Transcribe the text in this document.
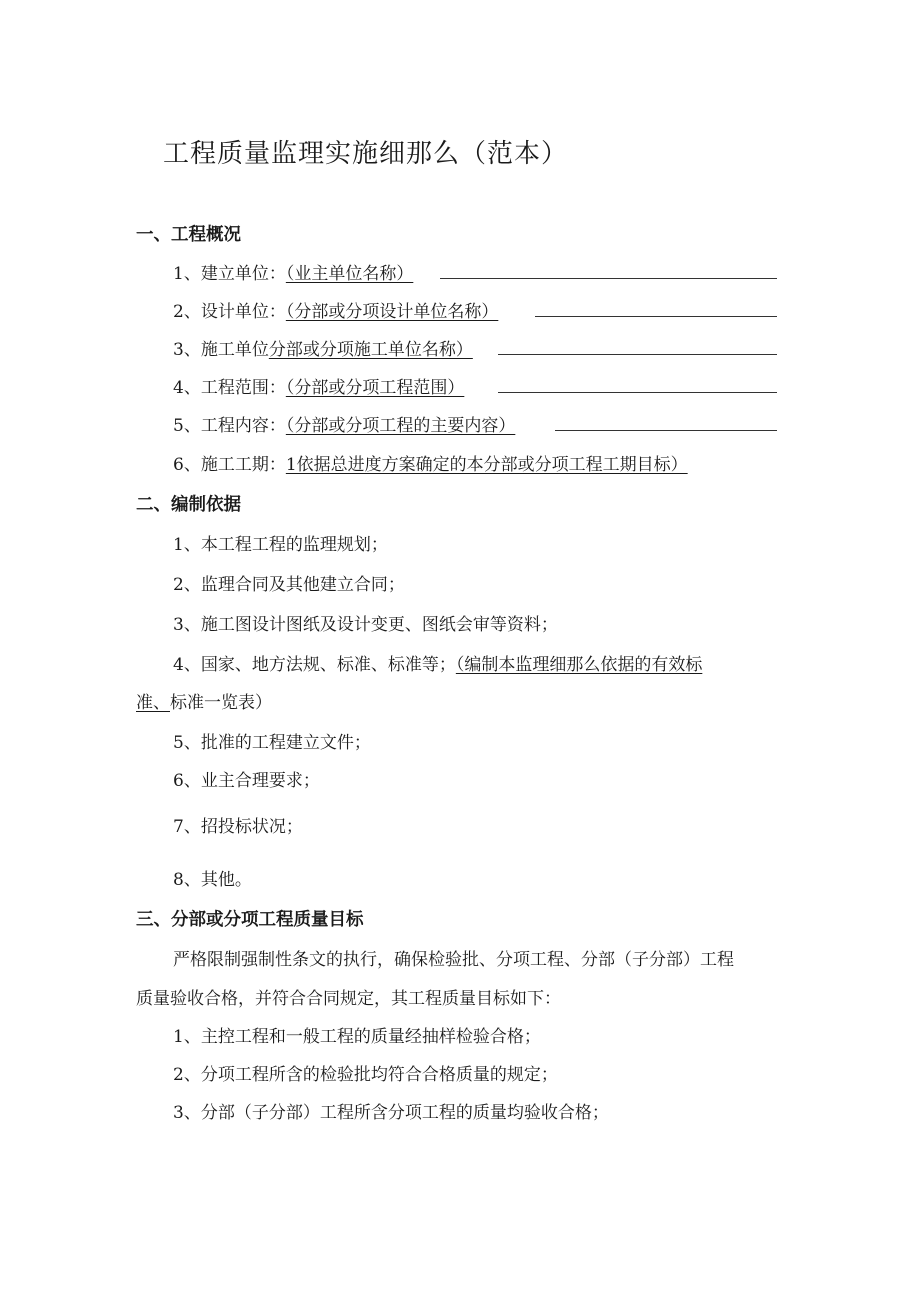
工程质量监理实施细那么（范本）
一、工程概况
1、建立单位：（业主单位名称）
2、设计单位：（分部或分项设计单位名称）
3、施工单位分部或分项施工单位名称）
4、工程范围：（分部或分项工程范围）
5、工程内容：（分部或分项工程的主要内容）
6、施工工期：1依据总进度方案确定的本分部或分项工程工期目标）
二、编制依据
1、本工程工程的监理规划；
2、监理合同及其他建立合同；
3、施工图设计图纸及设计变更、图纸会审等资料；
4、国家、地方法规、标准、标准等；（编制本监理细那么依据的有效标
准、标准一览表）
5、批准的工程建立文件；
6、业主合理要求；
7、招投标状况；
8、其他。
三、分部或分项工程质量目标
严格限制强制性条文的执行，确保检验批、分项工程、分部（子分部）工程
质量验收合格，并符合合同规定，其工程质量目标如下：
1、主控工程和一般工程的质量经抽样检验合格；
2、分项工程所含的检验批均符合合格质量的规定；
3、分部（子分部）工程所含分项工程的质量均验收合格；
